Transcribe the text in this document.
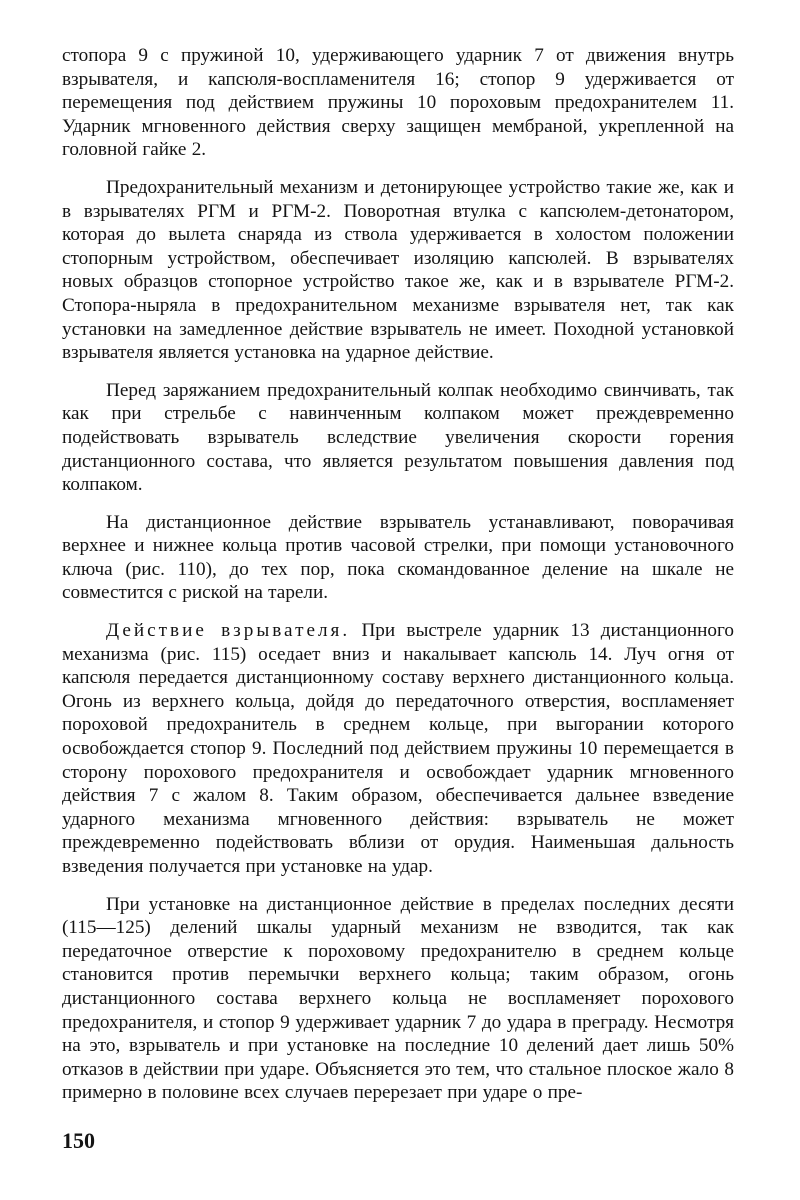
стопора 9 с пружиной 10, удерживающего ударник 7 от движения внутрь взрывателя, и капсюля-воспламенителя 16; стопор 9 удерживается от перемещения под действием пружины 10 пороховым предохранителем 11. Ударник мгновенного действия сверху защищен мембраной, укрепленной на головной гайке 2.

Предохранительный механизм и детонирующее устройство такие же, как и в взрывателях РГМ и РГМ-2. Поворотная втулка с капсюлем-детонатором, которая до вылета снаряда из ствола удерживается в холостом положении стопорным устройством, обеспечивает изоляцию капсюлей. В взрывателях новых образцов стопорное устройство такое же, как и в взрывателе РГМ-2. Стопора-нырялa в предохранительном механизме взрывателя нет, так как установки на замедленное действие взрыватель не имеет. Походной установкой взрывателя является установка на ударное действие.

Перед заряжанием предохранительный колпак необходимо свинчивать, так как при стрельбе с навинченным колпаком может преждевременно подействовать взрыватель вследствие увеличения скорости горения дистанционного состава, что является результатом повышения давления под колпаком.

На дистанционное действие взрыватель устанавливают, поворачивая верхнее и нижнее кольца против часовой стрелки, при помощи установочного ключа (рис. 110), до тех пор, пока скомандованное деление на шкале не совместится с риской на тарели.

Действие взрывателя. При выстреле ударник 13 дистанционного механизма (рис. 115) оседает вниз и накалывает капсюль 14. Луч огня от капсюля передается дистанционному составу верхнего дистанционного кольца. Огонь из верхнего кольца, дойдя до передаточного отверстия, воспламеняет пороховой предохранитель в среднем кольце, при выгорании которого освобождается стопор 9. Последний под действием пружины 10 перемещается в сторону порохового предохранителя и освобождает ударник мгновенного действия 7 с жалом 8. Таким образом, обеспечивается дальнее взведение ударного механизма мгновенного действия: взрыватель не может преждевременно подействовать вблизи от орудия. Наименьшая дальность взведения получается при установке на удар.

При установке на дистанционное действие в пределах последних десяти (115—125) делений шкалы ударный механизм не взводится, так как передаточное отверстие к пороховому предохранителю в среднем кольце становится против перемычки верхнего кольца; таким образом, огонь дистанционного состава верхнего кольца не воспламеняет порохового предохранителя, и стопор 9 удерживает ударник 7 до удара в преграду. Несмотря на это, взрыватель и при установке на последние 10 делений дает лишь 50% отказов в действии при ударе. Объясняется это тем, что стальное плоское жало 8 примерно в половине всех случаев перерезает при ударе о пре-

150
